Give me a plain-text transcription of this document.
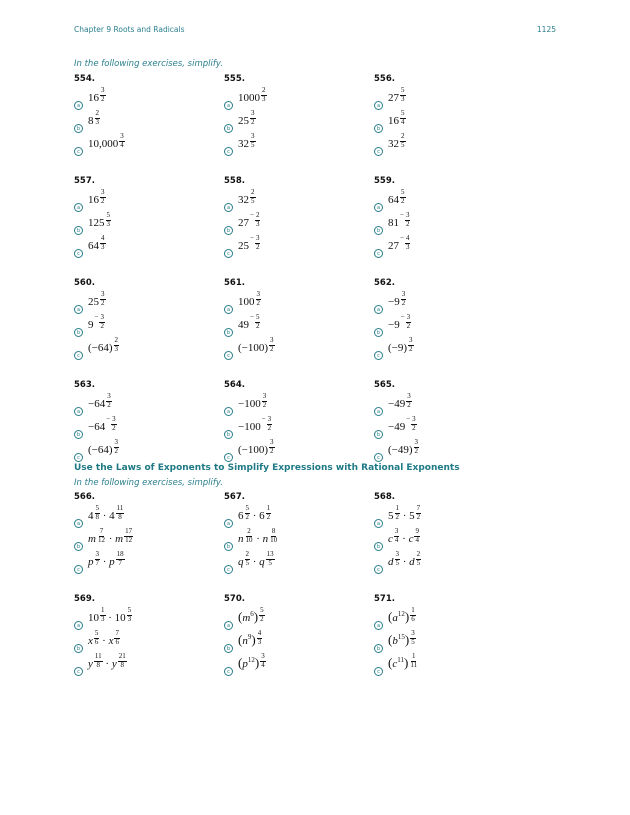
Chapter 9 Roots and Radicals	1125
In the following exercises, simplify.
554.
a
$16 \frac{3}{2}$
b
$8 \frac{2}{3}$
c
$10,000 \frac{3}{4}$
555.
a
$1000 \frac{2}{3}$
b
$25 \frac{3}{2}$
c
$32 \frac{3}{5}$
556.
a
$27 \frac{5}{3}$
b
$16 \frac{5}{4}$
c
$32 \frac{2}{5}$
557.
a
$16 \frac{3}{2}$
b
$125 \frac{5}{3}$
c
$64 \frac{4}{3}$
558.
a
$32 \frac{2}{5}$
b
$27^- \frac{2}{3}$
c
$25^- \frac{3}{2}$
559.
a
$64 \frac{5}{2}$
b
$81^- \frac{3}{2}$
c
$27^- \frac{4}{3}$
560.
a
$25 \frac{3}{2}$
b
$9^- \frac{3}{2}$
c
$(-64) \frac{2}{3}$
561.
a
$100 \frac{3}{2}$
b
$49^- \frac{5}{2}$
c
$(-100) \frac{3}{2}$
562.
a
$-9 \frac{3}{2}$
b
$-9^- \frac{3}{2}$
c
$(-9) \frac{3}{2}$
563.
a
$-64 \frac{3}{2}$
b
$-64^- \frac{3}{2}$
c
$(-64) \frac{3}{2}$
564.
a
$-100 \frac{3}{2}$
b
$-100^- \frac{3}{2}$
c
$(-100) \frac{3}{2}$
565.
a
$-49 \frac{3}{2}$
b
$-49^- \frac{3}{2}$
c
$(-49) \frac{3}{2}$
Use the Laws of Exponents to Simplify Expressions with Rational Exponents
In the following exercises, simplify.
566.
a
$4 \frac{5}{8} \cdot 4 \frac{11}{8}$
b
m $\frac{7}{12} \cdot m \frac{17}{12}$
c
p $\frac{3}{7} \cdot p \frac{18}{7}$
567.
a
$6 \frac{5}{2} \cdot 6 \frac{1}{2}$
b
n $\frac{2}{10} \cdot n \frac{8}{10}$
c
q $\frac{2}{5} \cdot q \frac{13}{5}$
568.
a
$5 \frac{1}{2} \cdot 5 \frac{7}{2}$
b
c $\frac{3}{4} \cdot c \frac{9}{4}$
c
d $\frac{3}{5} \cdot d \frac{2}{5}$
569.
a
$10 \frac{1}{3} \cdot 10 \frac{5}{3}$
b
x $\frac{5}{6} \cdot x \frac{7}{6}$
c
y $\frac{11}{8} \cdot y \frac{21}{8}$
570.
a
$(m^6) \frac{5}{2}$
b
$(n^9) \frac{4}{3}$
c
$(p^{12}) \frac{3}{4}$
571.
a
$(a^{12}) \frac{1}{6}$
b
$(b^{15}) \frac{3}{5}$
c
$(c^{11}) \frac{1}{11}$
